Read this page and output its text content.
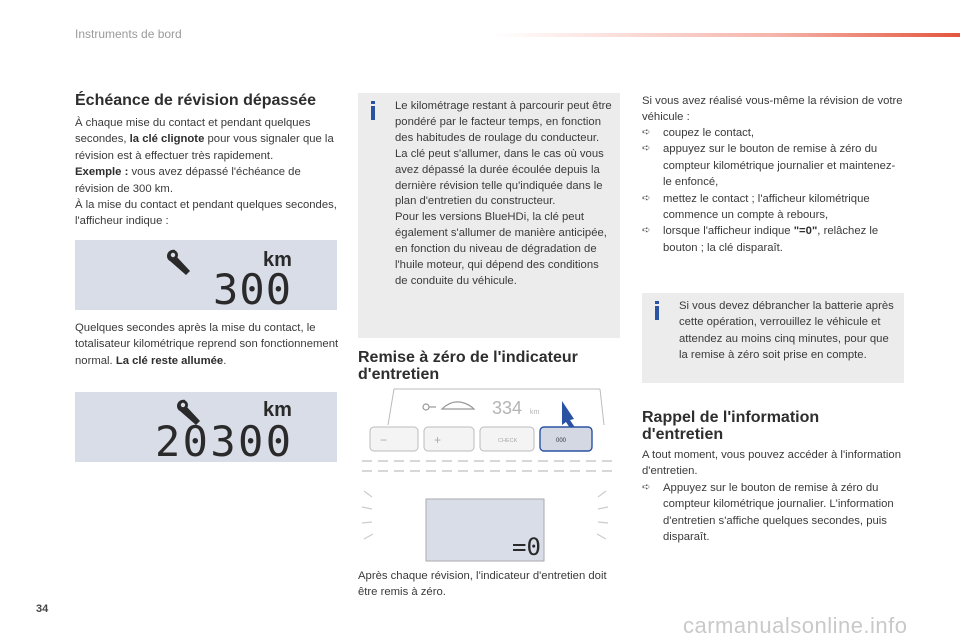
Instruments de bord
Échéance de révision dépassée
À chaque mise du contact et pendant quelques secondes, la clé clignote pour vous signaler que la révision est à effectuer très rapidement.
Exemple : vous avez dépassé l'échéance de révision de 300 km.
À la mise du contact et pendant quelques secondes, l'afficheur indique :
km
300
Quelques secondes après la mise du contact, le totalisateur kilométrique reprend son fonctionnement normal. La clé reste allumée.
km
20300
Le kilométrage restant à parcourir peut être pondéré par le facteur temps, en fonction des habitudes de roulage du conducteur.
La clé peut s'allumer, dans le cas où vous avez dépassé la durée écoulée depuis la dernière révision telle qu'indiquée dans le plan d'entretien du constructeur.
Pour les versions BlueHDi, la clé peut également s'allumer de manière anticipée, en fonction du niveau de dégradation de l'huile moteur, qui dépend des conditions de conduite du véhicule.
Remise à zéro de l'indicateur d'entretien
334 km
−	+	CHECK	000
=0
Après chaque révision, l'indicateur d'entretien doit être remis à zéro.
Si vous avez réalisé vous-même la révision de votre véhicule :
➪ coupez le contact,
➪ appuyez sur le bouton de remise à zéro du compteur kilométrique journalier et maintenez-le enfoncé,
➪ mettez le contact ; l'afficheur kilométrique commence un compte à rebours,
➪ lorsque l'afficheur indique "=0", relâchez le bouton ; la clé disparaît.
Si vous devez débrancher la batterie après cette opération, verrouillez le véhicule et attendez au moins cinq minutes, pour que la remise à zéro soit prise en compte.
Rappel de l'information d'entretien
A tout moment, vous pouvez accéder à l'information d'entretien.
➪ Appuyez sur le bouton de remise à zéro du compteur kilométrique journalier. L'information d'entretien s'affiche quelques secondes, puis disparaît.
34
carmanualsonline.info
